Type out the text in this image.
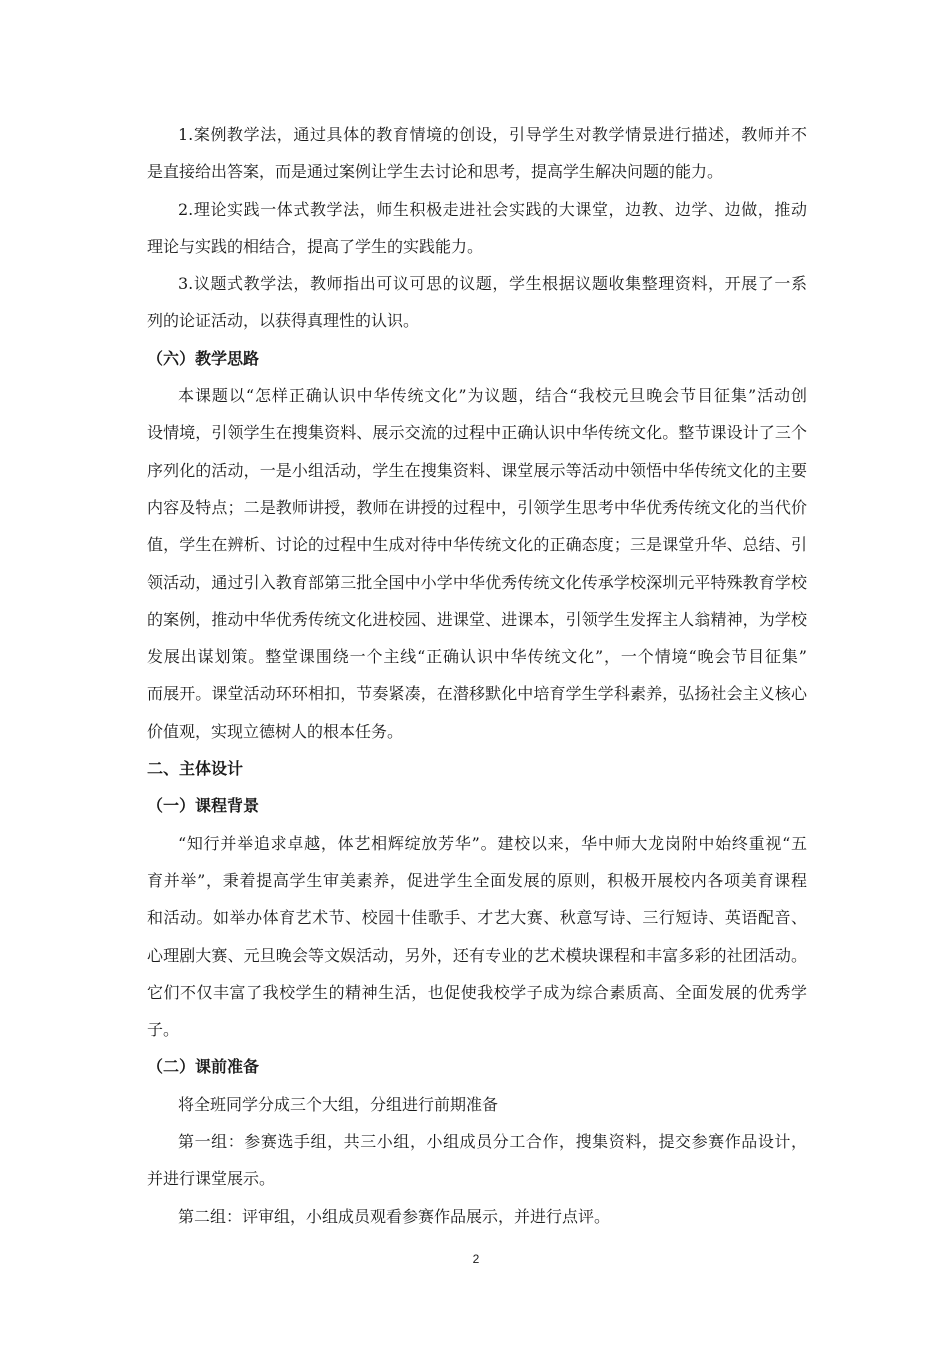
1.案例教学法，通过具体的教育情境的创设，引导学生对教学情景进行描述，教师并不
是直接给出答案，而是通过案例让学生去讨论和思考，提高学生解决问题的能力。
2.理论实践一体式教学法，师生积极走进社会实践的大课堂，边教、边学、边做，推动
理论与实践的相结合，提高了学生的实践能力。
3.议题式教学法，教师指出可议可思的议题，学生根据议题收集整理资料，开展了一系
列的论证活动，以获得真理性的认识。
（六）教学思路
本课题以“怎样正确认识中华传统文化”为议题，结合“我校元旦晚会节目征集”活动创
设情境，引领学生在搜集资料、展示交流的过程中正确认识中华传统文化。整节课设计了三个
序列化的活动，一是小组活动，学生在搜集资料、课堂展示等活动中领悟中华传统文化的主要
内容及特点；二是教师讲授，教师在讲授的过程中，引领学生思考中华优秀传统文化的当代价
值，学生在辨析、讨论的过程中生成对待中华传统文化的正确态度；三是课堂升华、总结、引
领活动，通过引入教育部第三批全国中小学中华优秀传统文化传承学校深圳元平特殊教育学校
的案例，推动中华优秀传统文化进校园、进课堂、进课本，引领学生发挥主人翁精神，为学校
发展出谋划策。整堂课围绕一个主线“正确认识中华传统文化”，一个情境“晚会节目征集”
而展开。课堂活动环环相扣，节奏紧凑，在潜移默化中培育学生学科素养，弘扬社会主义核心
价值观，实现立德树人的根本任务。
二、主体设计
（一）课程背景
“知行并举追求卓越，体艺相辉绽放芳华”。建校以来，华中师大龙岗附中始终重视“五
育并举”，秉着提高学生审美素养，促进学生全面发展的原则，积极开展校内各项美育课程
和活动。如举办体育艺术节、校园十佳歌手、才艺大赛、秋意写诗、三行短诗、英语配音、
心理剧大赛、元旦晚会等文娱活动，另外，还有专业的艺术模块课程和丰富多彩的社团活动。
它们不仅丰富了我校学生的精神生活，也促使我校学子成为综合素质高、全面发展的优秀学
子。
（二）课前准备
将全班同学分成三个大组，分组进行前期准备
第一组：参赛选手组，共三小组，小组成员分工合作，搜集资料，提交参赛作品设计，
并进行课堂展示。
第二组：评审组，小组成员观看参赛作品展示，并进行点评。
2
